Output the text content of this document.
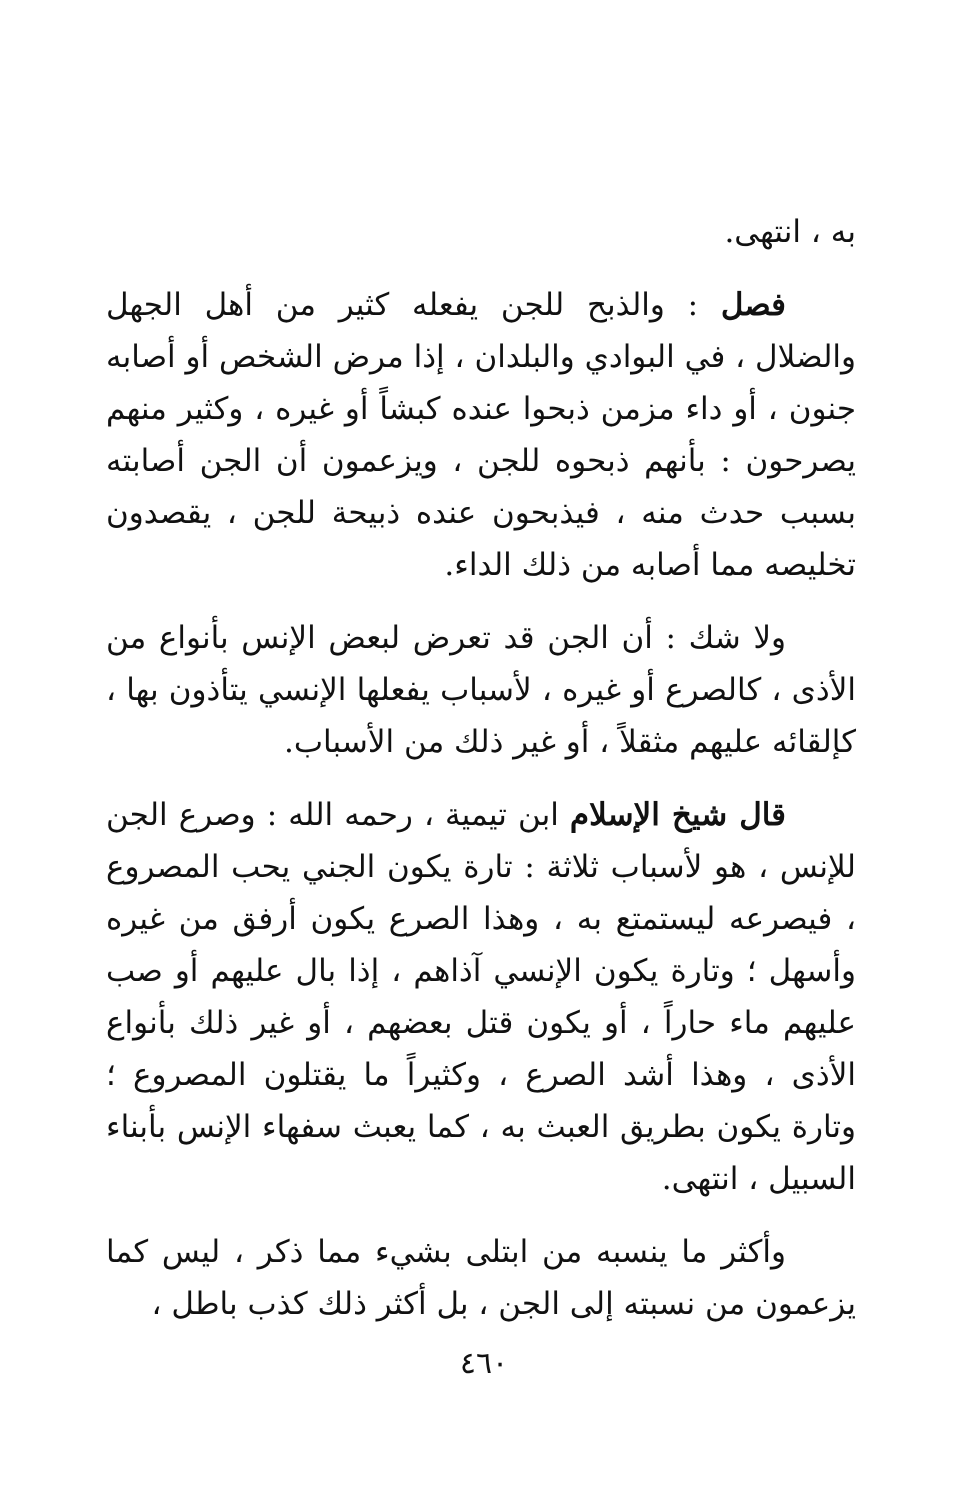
به ، انتهى.

فصل : والذبح للجن يفعله كثير من أهل الجهل والضلال ، في البوادي والبلدان ، إذا مرض الشخص أو أصابه جنون ، أو داء مزمن ذبحوا عنده كبشاً أو غيره ، وكثير منهم يصرحون : بأنهم ذبحوه للجن ، ويزعمون أن الجن أصابته بسبب حدث منه ، فيذبحون عنده ذبيحة للجن ، يقصدون تخليصه مما أصابه من ذلك الداء.

ولا شك : أن الجن قد تعرض لبعض الإنس بأنواع من الأذى ، كالصرع أو غيره ، لأسباب يفعلها الإنسي يتأذون بها ، كإلقائه عليهم مثقلاً ، أو غير ذلك من الأسباب.

قال شيخ الإسلام ابن تيمية ، رحمه الله : وصرع الجن للإنس ، هو لأسباب ثلاثة : تارة يكون الجني يحب المصروع ، فيصرعه ليستمتع به ، وهذا الصرع يكون أرفق من غيره وأسهل ؛ وتارة يكون الإنسي آذاهم ، إذا بال عليهم أو صب عليهم ماء حاراً ، أو يكون قتل بعضهم ، أو غير ذلك بأنواع الأذى ، وهذا أشد الصرع ، وكثيراً ما يقتلون المصروع ؛ وتارة يكون بطريق العبث به ، كما يعبث سفهاء الإنس بأبناء السبيل ، انتهى.

وأكثر ما ينسبه من ابتلى بشيء مما ذكر ، ليس كما يزعمون من نسبته إلى الجن ، بل أكثر ذلك كذب باطل ،

٤٦٠
